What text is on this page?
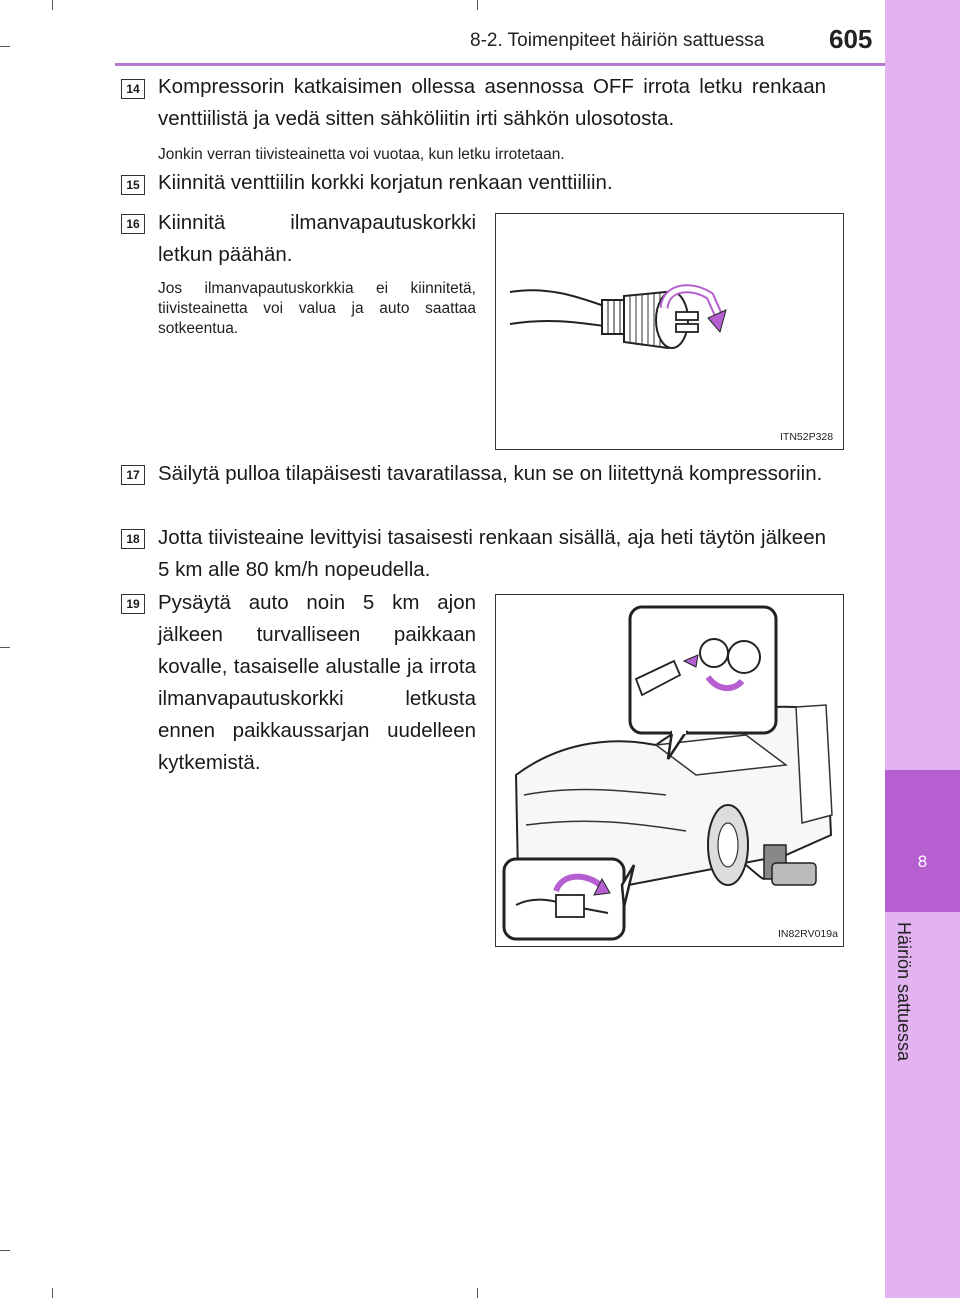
8
Häiriön sattuessa
8-2. Toimenpiteet häiriön sattuessa 605
14 Kompressorin katkaisimen ollessa asennossa OFF irrota letku renkaan venttiilistä ja vedä sitten sähköliitin irti sähkön ulosotosta.
Jonkin verran tiivisteainetta voi vuotaa, kun letku irrotetaan.
15 Kiinnitä venttiilin korkki korjatun renkaan venttiiliin.
16 Kiinnitä ilmanvapautuskorkki letkun päähän.
Jos ilmanvapautuskorkkia ei kiinnitetä, tiivisteainetta voi valua ja auto saattaa sotkeentua.
ITN52P328
17 Säilytä pulloa tilapäisesti tavaratilassa, kun se on liitettynä kompressoriin.
18 Jotta tiivisteaine levittyisi tasaisesti renkaan sisällä, aja heti täytön jälkeen 5 km alle 80 km/h nopeudella.
19 Pysäytä auto noin 5 km ajon jälkeen turvalliseen paikkaan kovalle, tasaiselle alustalle ja irrota ilmanvapautuskorkki letkusta ennen paikkaussarjan uudelleen kytkemistä.
IN82RV019a
